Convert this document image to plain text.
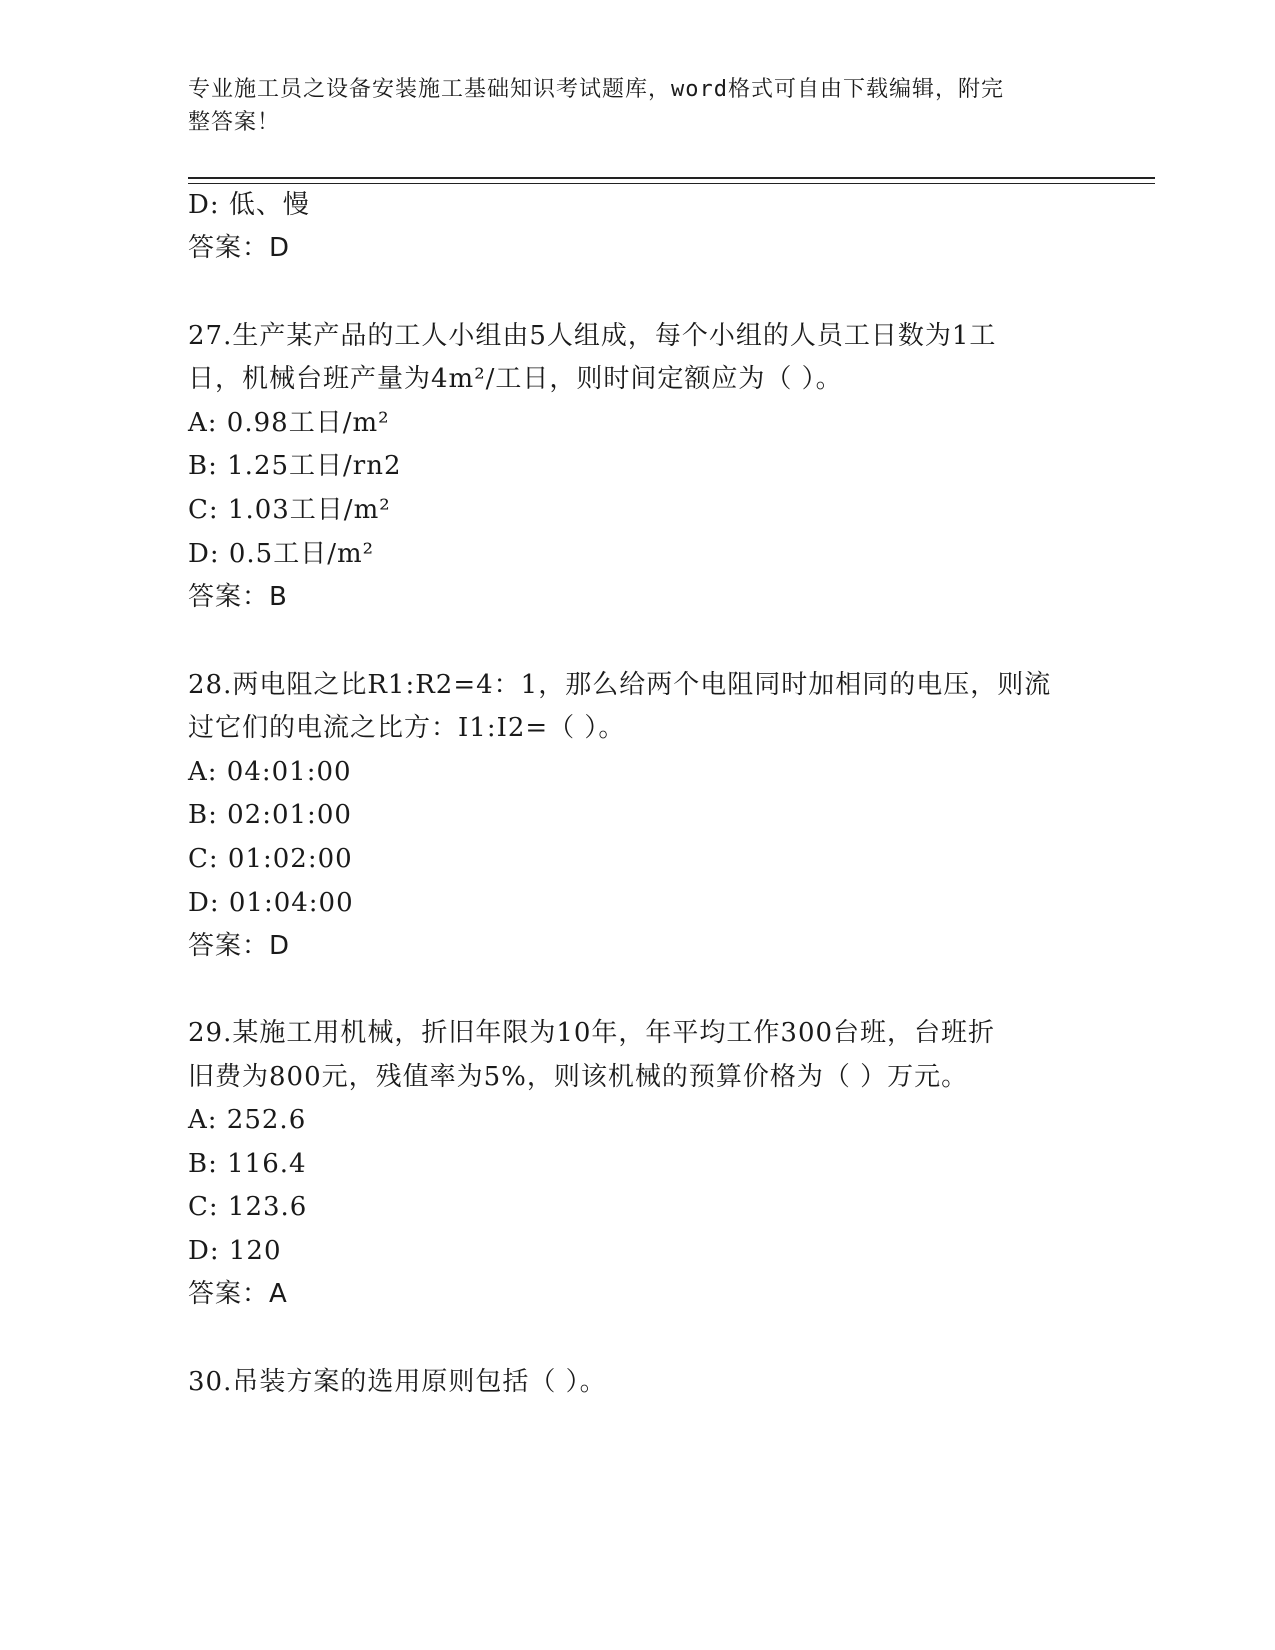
专业施工员之设备安装施工基础知识考试题库，word格式可自由下载编辑，附完
整答案！
D: 低、慢
答案：D
27.生产某产品的工人小组由5人组成，每个小组的人员工日数为1工
日，机械台班产量为4m²/工日，则时间定额应为（ ）。
A: 0.98工日/m²
B: 1.25工日/rn2
C: 1.03工日/m²
D: 0.5工日/m²
答案：B
28.两电阻之比R1:R2=4：1，那么给两个电阻同时加相同的电压，则流
过它们的电流之比方：I1:I2=（ ）。
A: 04:01:00
B: 02:01:00
C: 01:02:00
D: 01:04:00
答案：D
29.某施工用机械，折旧年限为10年，年平均工作300台班，台班折
旧费为800元，残值率为5%，则该机械的预算价格为（ ）万元。
A: 252.6
B: 116.4
C: 123.6
D: 120
答案：A
30.吊装方案的选用原则包括（ ）。
